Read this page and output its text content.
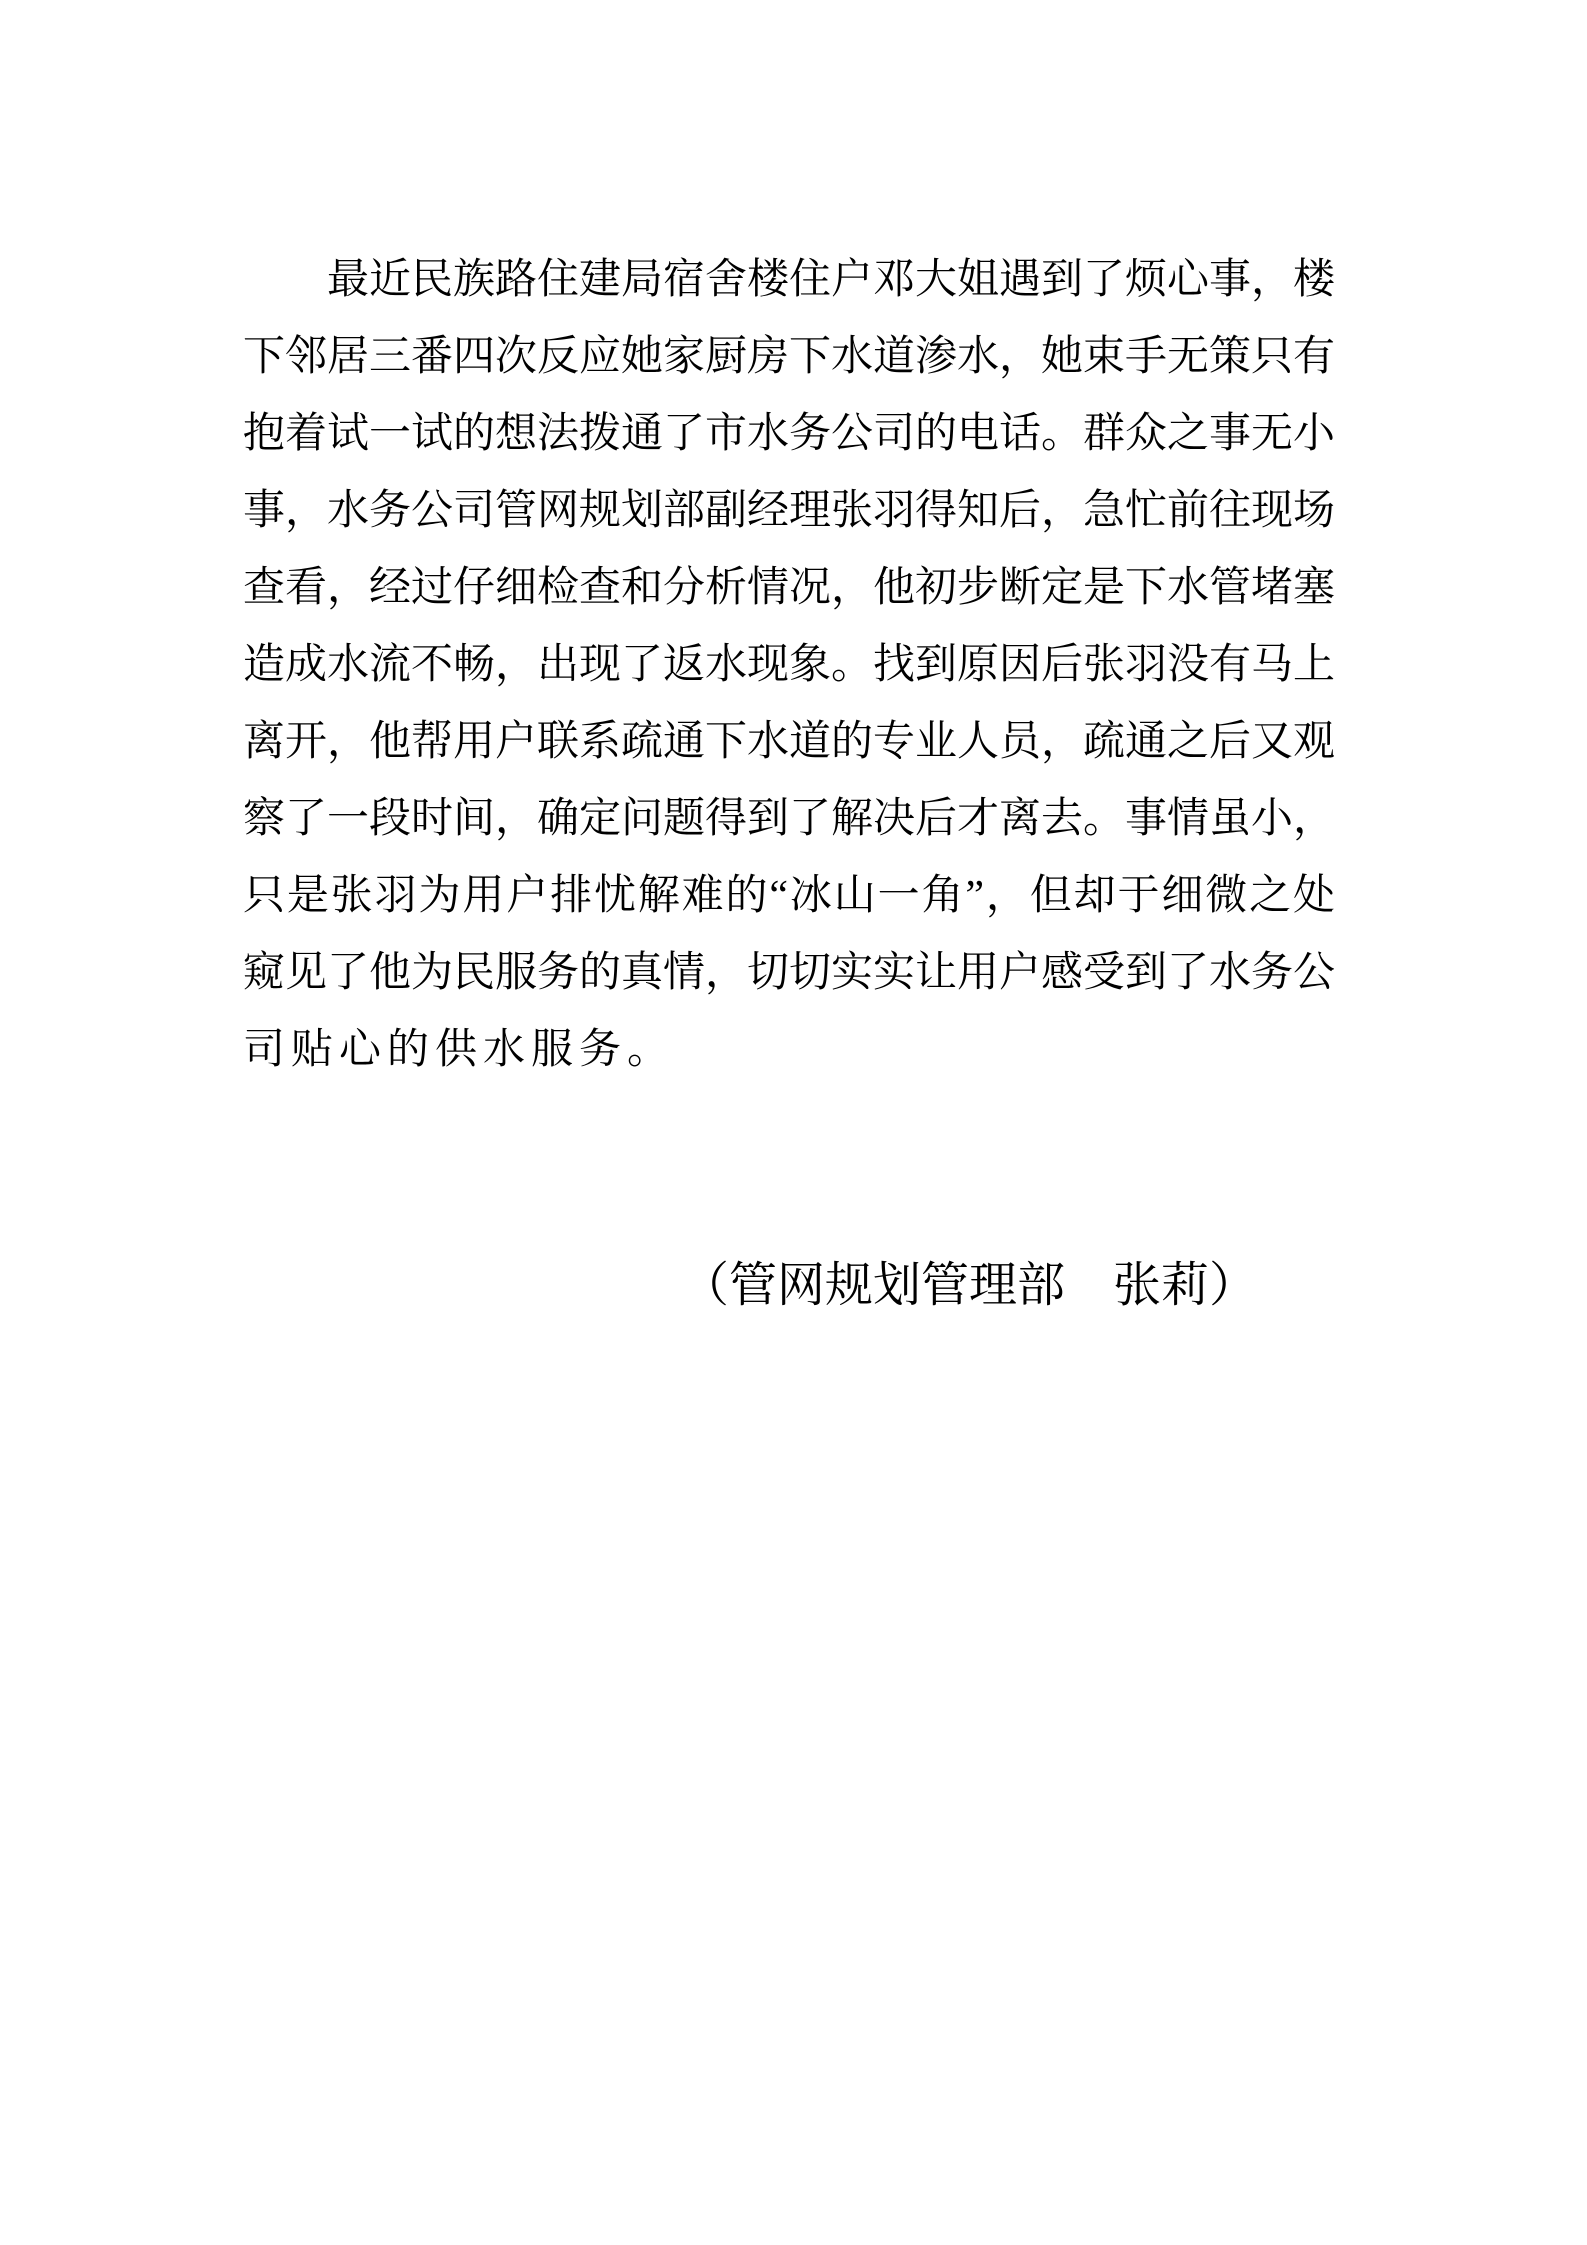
最近民族路住建局宿舍楼住户邓大姐遇到了烦心事，楼
下邻居三番四次反应她家厨房下水道渗水，她束手无策只有
抱着试一试的想法拨通了市水务公司的电话。群众之事无小
事，水务公司管网规划部副经理张羽得知后，急忙前往现场
查看，经过仔细检查和分析情况，他初步断定是下水管堵塞
造成水流不畅，出现了返水现象。找到原因后张羽没有马上
离开，他帮用户联系疏通下水道的专业人员，疏通之后又观
察了一段时间，确定问题得到了解决后才离去。事情虽小，
只是张羽为用户排忧解难的“冰山一角”，但却于细微之处
窥见了他为民服务的真情，切切实实让用户感受到了水务公
司贴心的供水服务。
（管网规划管理部　张莉）
